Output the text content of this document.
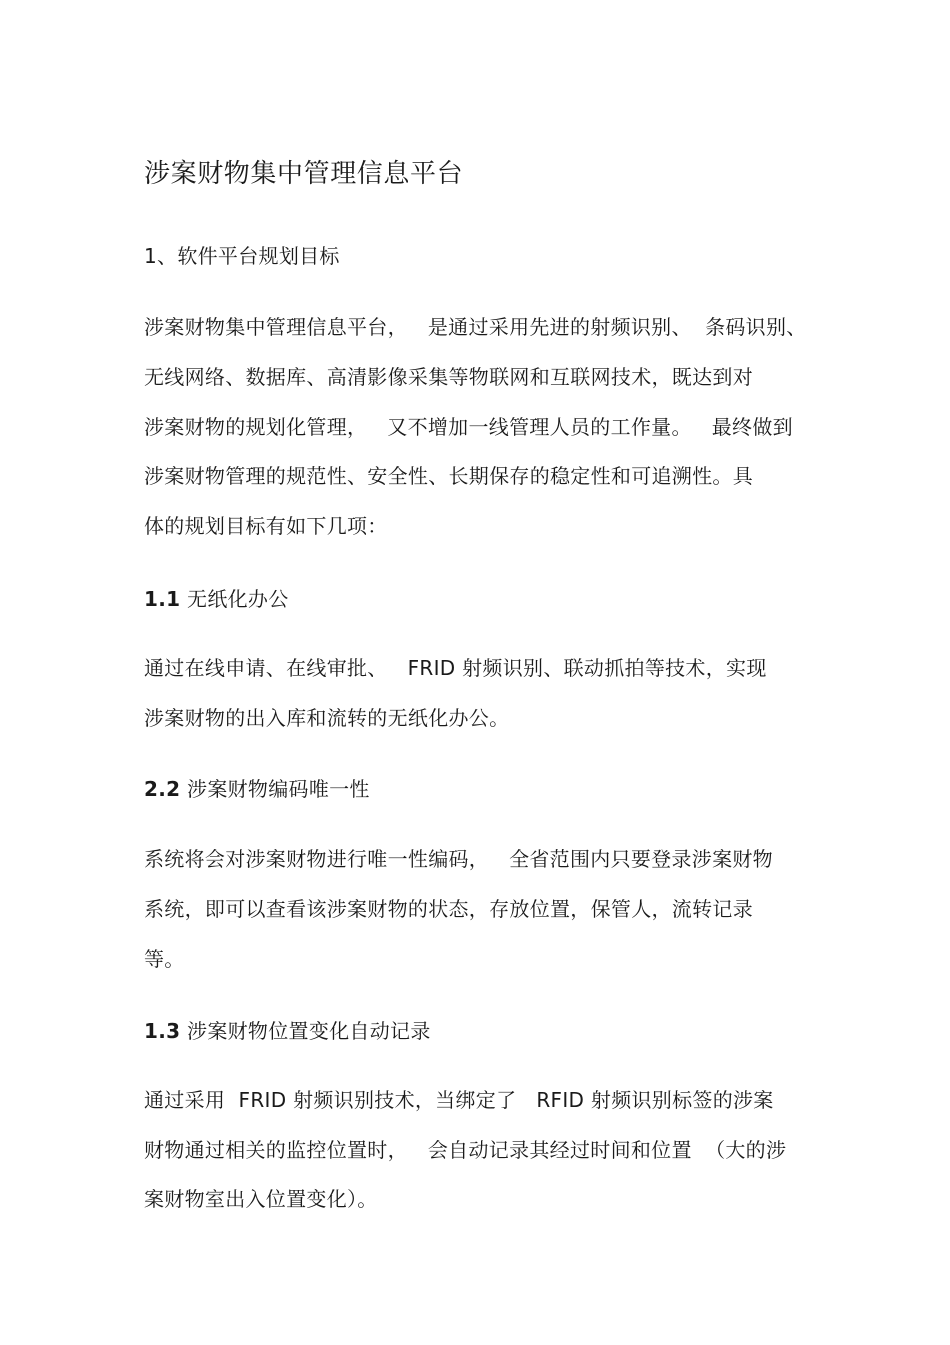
涉案财物集中管理信息平台
1、软件平台规划目标
涉案财物集中管理信息平台，   是通过采用先进的射频识别、  条码识别、
无线网络、数据库、高清影像采集等物联网和互联网技术，既达到对
涉案财物的规划化管理，   又不增加一线管理人员的工作量。   最终做到
涉案财物管理的规范性、安全性、长期保存的稳定性和可追溯性。具
体的规划目标有如下几项：
1.1 无纸化办公
通过在线申请、在线审批、   FRID 射频识别、联动抓拍等技术，实现
涉案财物的出入库和流转的无纸化办公。
2.2 涉案财物编码唯一性
系统将会对涉案财物进行唯一性编码，   全省范围内只要登录涉案财物
系统，即可以查看该涉案财物的状态，存放位置，保管人，流转记录
等。
1.3 涉案财物位置变化自动记录
通过采用  FRID 射频识别技术，当绑定了   RFID 射频识别标签的涉案
财物通过相关的监控位置时，   会自动记录其经过时间和位置  （大的涉
案财物室出入位置变化）。
